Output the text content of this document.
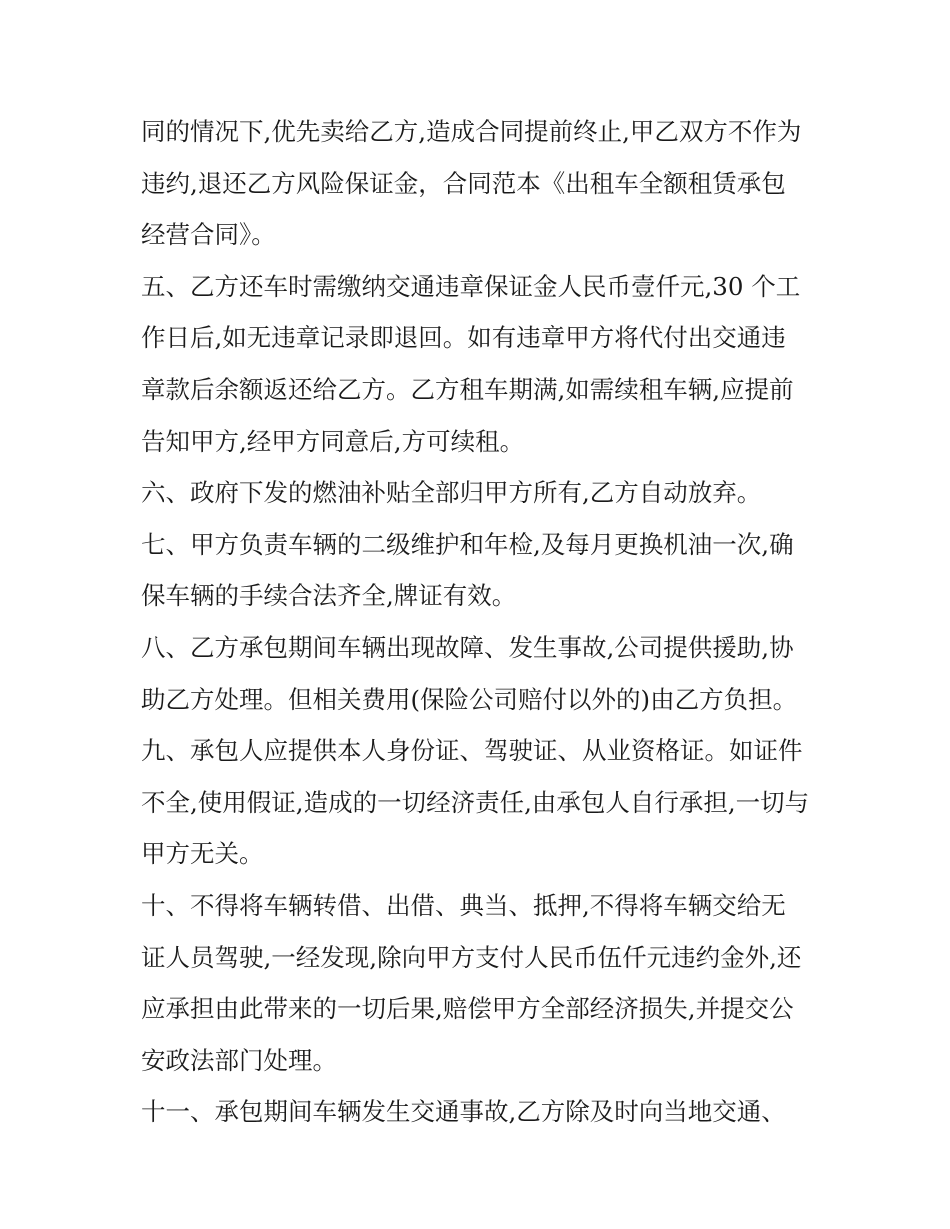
同的情况下,优先卖给乙方,造成合同提前终止,甲乙双方不作为
违约,退还乙方风险保证金，合同范本《出租车全额租赁承包
经营合同》。
五、乙方还车时需缴纳交通违章保证金人民币壹仟元,30 个工
作日后,如无违章记录即退回。如有违章甲方将代付出交通违
章款后余额返还给乙方。乙方租车期满,如需续租车辆,应提前
告知甲方,经甲方同意后,方可续租。
六、政府下发的燃油补贴全部归甲方所有,乙方自动放弃。
七、甲方负责车辆的二级维护和年检,及每月更换机油一次,确
保车辆的手续合法齐全,牌证有效。
八、乙方承包期间车辆出现故障、发生事故,公司提供援助,协
助乙方处理。但相关费用(保险公司赔付以外的)由乙方负担。
九、承包人应提供本人身份证、驾驶证、从业资格证。如证件
不全,使用假证,造成的一切经济责任,由承包人自行承担,一切与
甲方无关。
十、不得将车辆转借、出借、典当、抵押,不得将车辆交给无
证人员驾驶,一经发现,除向甲方支付人民币伍仟元违约金外,还
应承担由此带来的一切后果,赔偿甲方全部经济损失,并提交公
安政法部门处理。
十一、承包期间车辆发生交通事故,乙方除及时向当地交通、
